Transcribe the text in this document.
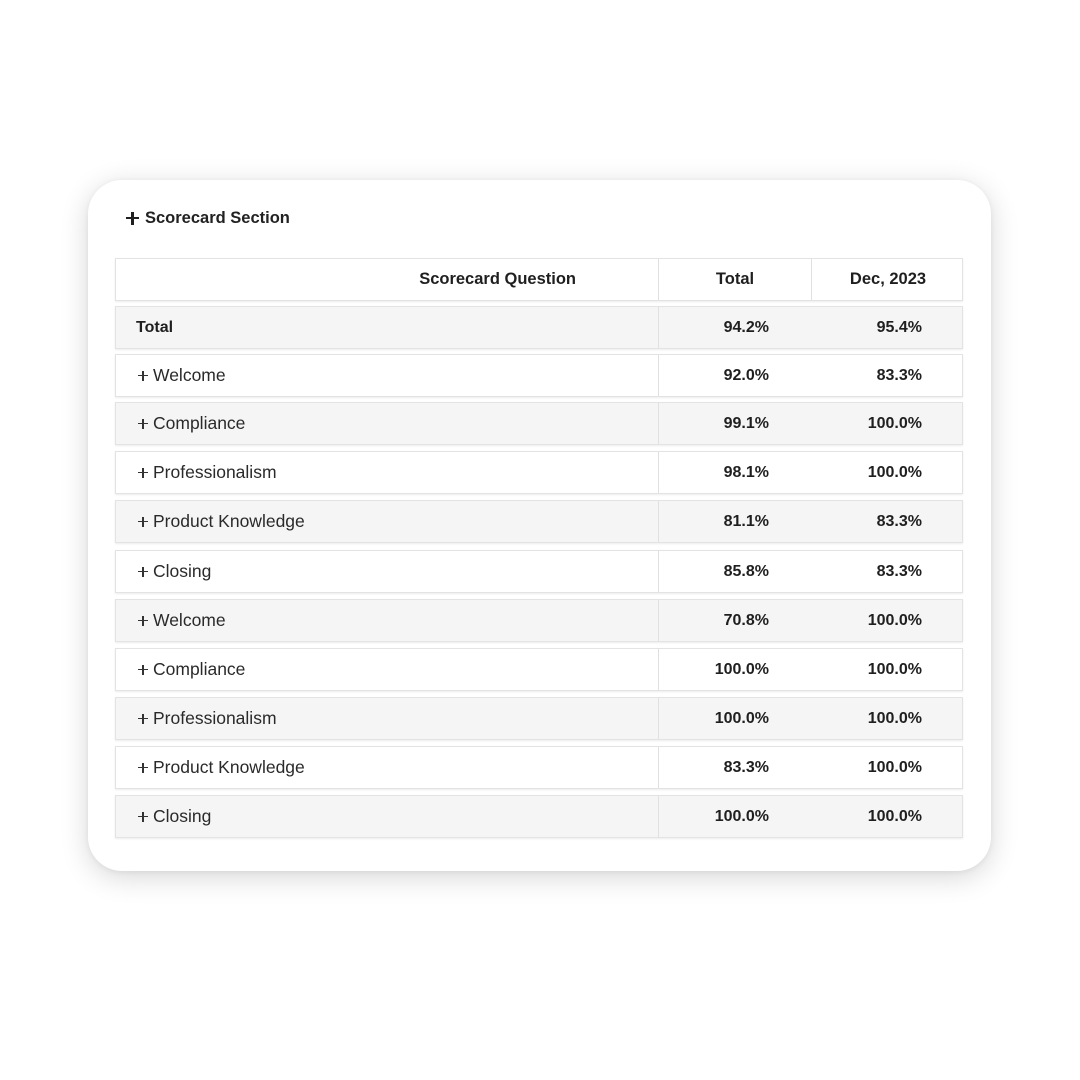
Scorecard Section
Scorecard Question	Total	Dec, 2023
Total	94.2%	95.4%
Welcome	92.0%	83.3%
Compliance	99.1%	100.0%
Professionalism	98.1%	100.0%
Product Knowledge	81.1%	83.3%
Closing	85.8%	83.3%
Welcome	70.8%	100.0%
Compliance	100.0%	100.0%
Professionalism	100.0%	100.0%
Product Knowledge	83.3%	100.0%
Closing	100.0%	100.0%
